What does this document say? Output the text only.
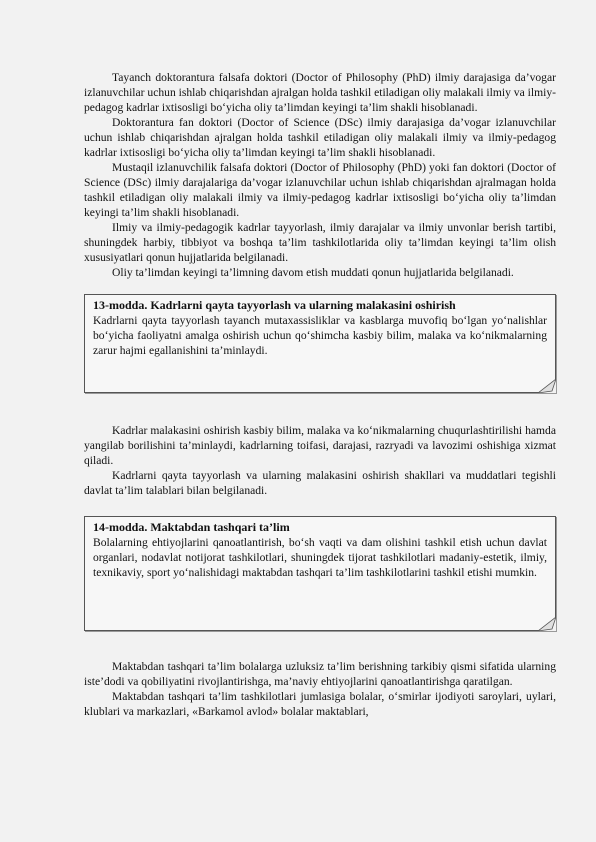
Tayanch doktorantura falsafa doktori (Doctor of Philosophy (PhD) ilmiy darajasiga da’vogar izlanuvchilar uchun ishlab chiqarishdan ajralgan holda tashkil etiladigan oliy malakali ilmiy va ilmiy-pedagog kadrlar ixtisosligi bo‘yicha oliy ta’limdan keyingi ta’lim shakli hisoblanadi.

Doktorantura fan doktori (Doctor of Science (DSc) ilmiy darajasiga da’vogar izlanuvchilar uchun ishlab chiqarishdan ajralgan holda tashkil etiladigan oliy malakali ilmiy va ilmiy-pedagog kadrlar ixtisosligi bo‘yicha oliy ta’limdan keyingi ta’lim shakli hisoblanadi.

Mustaqil izlanuvchilik falsafa doktori (Doctor of Philosophy (PhD) yoki fan doktori (Doctor of Science (DSc) ilmiy darajalariga da’vogar izlanuvchilar uchun ishlab chiqarishdan ajralmagan holda tashkil etiladigan oliy malakali ilmiy va ilmiy-pedagog kadrlar ixtisosligi bo‘yicha oliy ta’limdan keyingi ta’lim shakli hisoblanadi.

Ilmiy va ilmiy-pedagogik kadrlar tayyorlash, ilmiy darajalar va ilmiy unvonlar berish tartibi, shuningdek harbiy, tibbiyot va boshqa ta’lim tashkilotlarida oliy ta’limdan keyingi ta’lim olish xususiyatlari qonun hujjatlarida belgilanadi.

Oliy ta’limdan keyingi ta’limning davom etish muddati qonun hujjatlarida belgilanadi.

13-modda. Kadrlarni qayta tayyorlash va ularning malakasini oshirish
Kadrlarni qayta tayyorlash tayanch mutaxassisliklar va kasblarga muvofiq bo‘lgan yo‘nalishlar bo‘yicha faoliyatni amalga oshirish uchun qo‘shimcha kasbiy bilim, malaka va ko‘nikmalarning zarur hajmi egallanishini ta’minlaydi.

Kadrlar malakasini oshirish kasbiy bilim, malaka va ko‘nikmalarning chuqurlashtirilishi hamda yangilab borilishini ta’minlaydi, kadrlarning toifasi, darajasi, razryadi va lavozimi oshishiga xizmat qiladi.

Kadrlarni qayta tayyorlash va ularning malakasini oshirish shakllari va muddatlari tegishli davlat ta’lim talablari bilan belgilanadi.

14-modda. Maktabdan tashqari ta’lim
Bolalarning ehtiyojlarini qanoatlantirish, bo‘sh vaqti va dam olishini tashkil etish uchun davlat organlari, nodavlat notijorat tashkilotlari, shuningdek tijorat tashkilotlari madaniy-estetik, ilmiy, texnikaviy, sport yo‘nalishidagi maktabdan tashqari ta’lim tashkilotlarini tashkil etishi mumkin.

Maktabdan tashqari ta’lim bolalarga uzluksiz ta’lim berishning tarkibiy qismi sifatida ularning iste’dodi va qobiliyatini rivojlantirishga, ma’naviy ehtiyojlarini qanoatlantirishga qaratilgan.

Maktabdan tashqari ta’lim tashkilotlari jumlasiga bolalar, o‘smirlar ijodiyoti saroylari, uylari, klublari va markazlari, «Barkamol avlod» bolalar maktablari,
